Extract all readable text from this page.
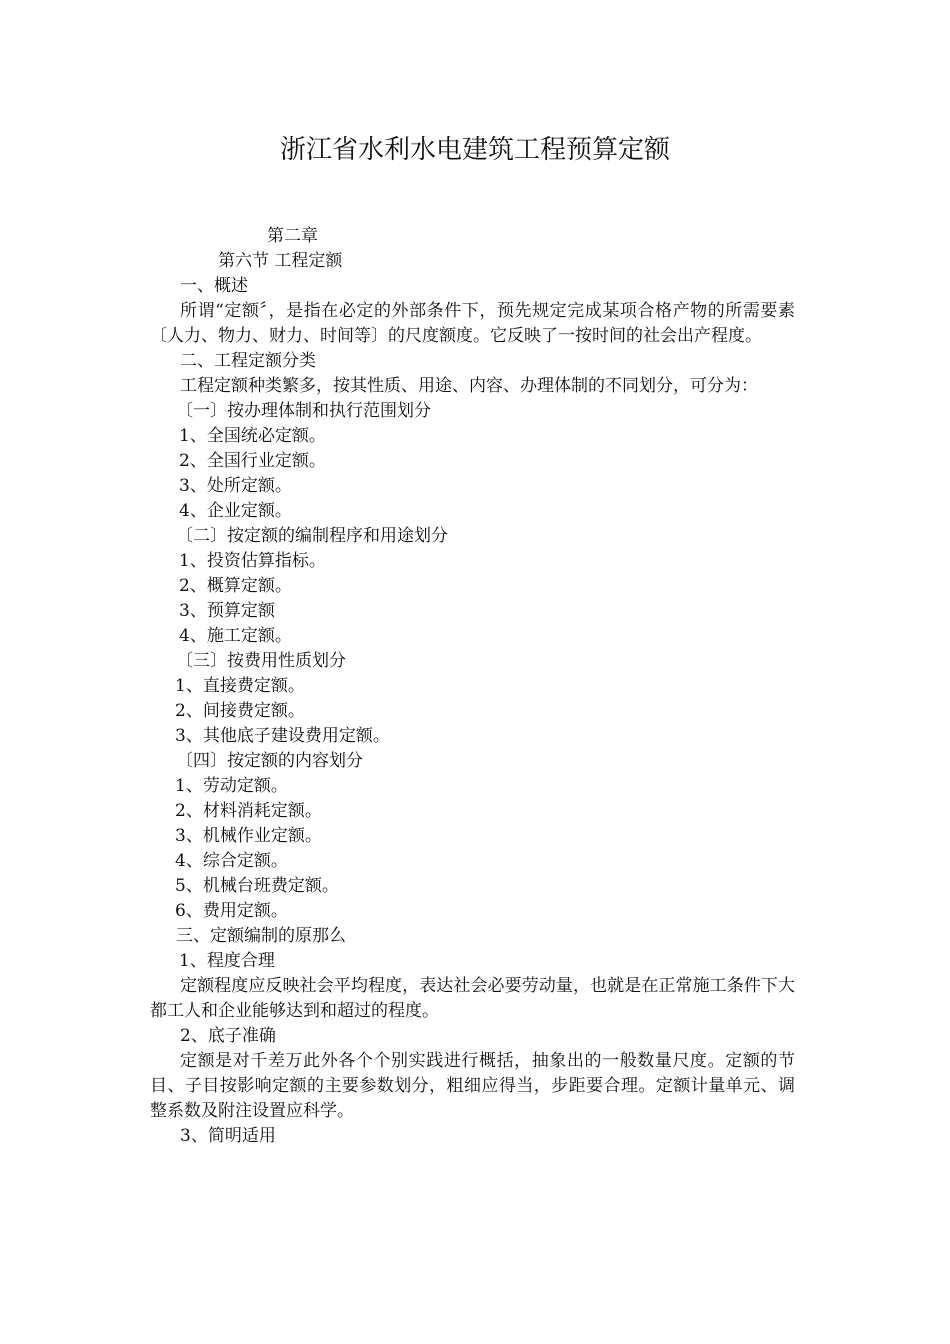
浙江省水利水电建筑工程预算定额
第二章
第六节 工程定额
一、概述
所谓“定额〞，是指在必定的外部条件下，预先规定完成某项合格产物的所需要素〔人力、物力、财力、时间等〕的尺度额度。它反映了一按时间的社会出产程度。
二、工程定额分类
工程定额种类繁多，按其性质、用途、内容、办理体制的不同划分，可分为：
〔一〕按办理体制和执行范围划分
1、全国统必定额。
2、全国行业定额。
3、处所定额。
4、企业定额。
〔二〕按定额的编制程序和用途划分
1、投资估算指标。
2、概算定额。
3、预算定额
4、施工定额。
〔三〕按费用性质划分
1、直接费定额。
2、间接费定额。
3、其他底子建设费用定额。
〔四〕按定额的内容划分
1、劳动定额。
2、材料消耗定额。
3、机械作业定额。
4、综合定额。
5、机械台班费定额。
6、费用定额。
三、定额编制的原那么
1、程度合理
定额程度应反映社会平均程度，表达社会必要劳动量，也就是在正常施工条件下大都工人和企业能够达到和超过的程度。
2、底子准确
定额是对千差万此外各个个别实践进行概括，抽象出的一般数量尺度。定额的节目、子目按影响定额的主要参数划分，粗细应得当，步距要合理。定额计量单元、调整系数及附注设置应科学。
3、简明适用
